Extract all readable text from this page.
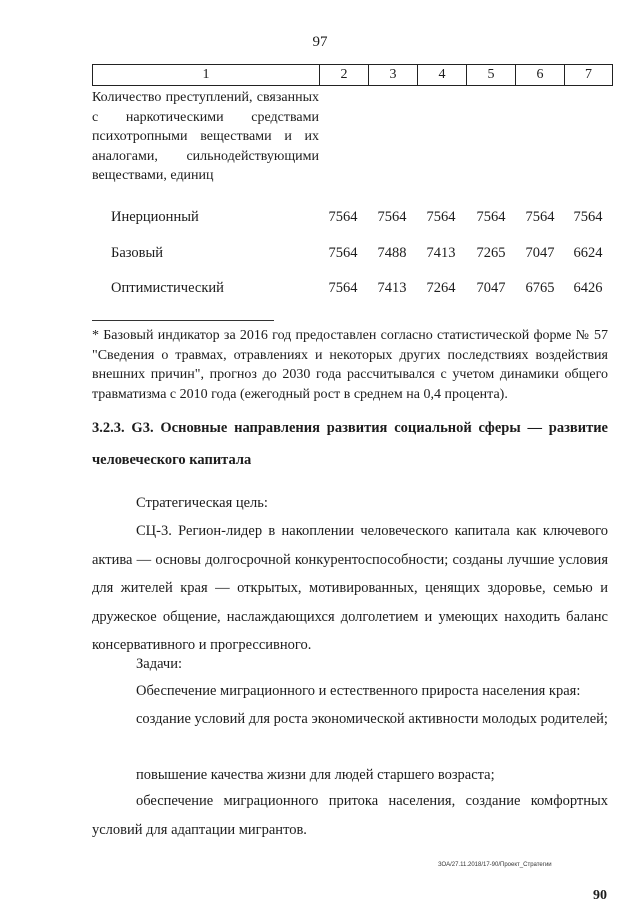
97
1	2	3	4	5	6	7
Количество преступлений, связанных с наркотическими средствами психотропными веществами и их аналогами, сильнодействующими веществами, единиц
Инерционный	7564	7564	7564	7564	7564	7564
Базовый	7564	7488	7413	7265	7047	6624
Оптимистический	7564	7413	7264	7047	6765	6426
* Базовый индикатор за 2016 год предоставлен согласно статистической форме № 57 "Сведения о травмах, отравлениях и некоторых других последствиях воздействия внешних причин", прогноз до 2030 года рассчитывался с учетом динамики общего травматизма с 2010 года (ежегодный рост в среднем на 0,4 процента).
3.2.3. G3. Основные направления развития социальной сферы — развитие человеческого капитала
Стратегическая цель:
СЦ-3. Регион-лидер в накоплении человеческого капитала как ключевого актива — основы долгосрочной конкурентоспособности; созданы лучшие условия для жителей края — открытых, мотивированных, ценящих здоровье, семью и дружеское общение, наслаждающихся долголетием и умеющих находить баланс консервативного и прогрессивного.
Задачи:
Обеспечение миграционного и естественного прироста населения края:
создание условий для роста экономической активности молодых родителей;
повышение качества жизни для людей старшего возраста;
обеспечение миграционного притока населения, создание комфортных условий для адаптации мигрантов.
ЗОА/27.11.2018/17-90/Проект_Стратегии
90
